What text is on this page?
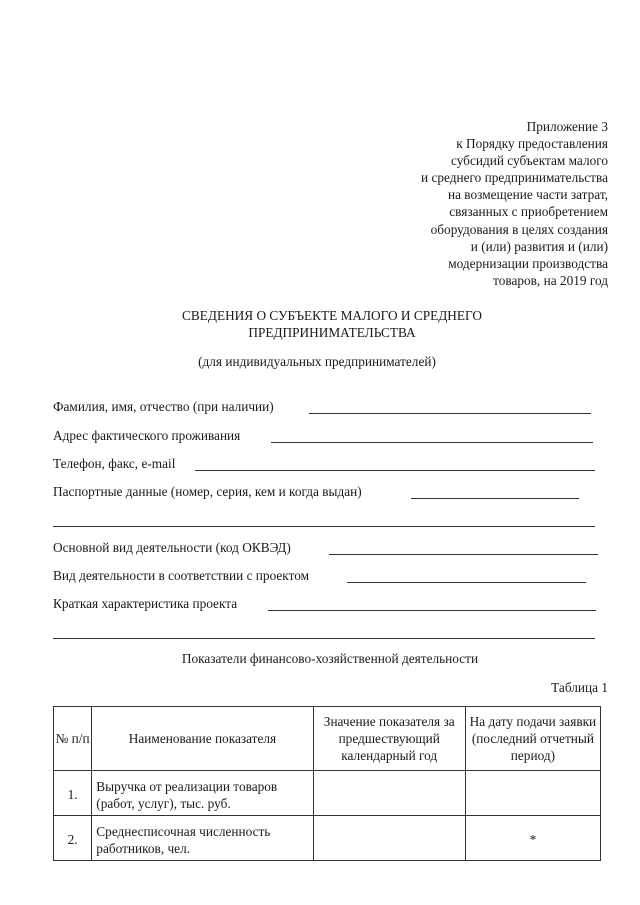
Приложение 3
к Порядку предоставления
субсидий субъектам малого
и среднего предпринимательства
на возмещение части затрат,
связанных с приобретением
оборудования в целях создания
и (или) развития и (или)
модернизации производства
товаров, на 2019 год
СВЕДЕНИЯ О СУБЪЕКТЕ МАЛОГО И СРЕДНЕГО
ПРЕДПРИНИМАТЕЛЬСТВА
(для индивидуальных предпринимателей)
Фамилия, имя, отчество (при наличии)
Адрес фактического проживания
Телефон, факс, e-mail
Паспортные данные (номер, серия, кем и когда выдан)
Основной вид деятельности (код ОКВЭД)
Вид деятельности в соответствии с проектом
Краткая характеристика проекта
Показатели финансово-хозяйственной деятельности
Таблица 1
№ п/п	Наименование показателя	Значение показателя за предшествующий календарный год	На дату подачи заявки (последний отчетный период)
1.	Выручка от реализации товаров (работ, услуг), тыс. руб.		
2.	Среднесписочная численность работников, чел.		*
